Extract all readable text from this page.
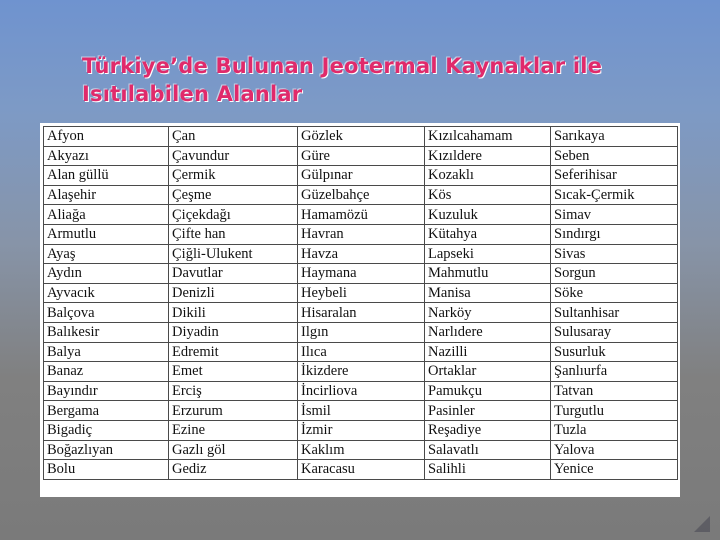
Türkiye’de Bulunan Jeotermal Kaynaklar ile
Isıtılabilen Alanlar
Afyon	Çan	Gözlek	Kızılcahamam	Sarıkaya
Akyazı	Çavundur	Güre	Kızıldere	Seben
Alan güllü	Çermik	Gülpınar	Kozaklı	Seferihisar
Alaşehir	Çeşme	Güzelbahçe	Kös	Sıcak-Çermik
Aliağa	Çiçekdağı	Hamamözü	Kuzuluk	Simav
Armutlu	Çifte han	Havran	Kütahya	Sındırgı
Ayaş	Çiğli-Ulukent	Havza	Lapseki	Sivas
Aydın	Davutlar	Haymana	Mahmutlu	Sorgun
Ayvacık	Denizli	Heybeli	Manisa	Söke
Balçova	Dikili	Hisaralan	Narköy	Sultanhisar
Balıkesir	Diyadin	Ilgın	Narlıdere	Sulusaray
Balya	Edremit	Ilıca	Nazilli	Susurluk
Banaz	Emet	İkizdere	Ortaklar	Şanlıurfa
Bayındır	Erciş	İncirliova	Pamukçu	Tatvan
Bergama	Erzurum	İsmil	Pasinler	Turgutlu
Bigadiç	Ezine	İzmir	Reşadiye	Tuzla
Boğazlıyan	Gazlı göl	Kaklım	Salavatlı	Yalova
Bolu	Gediz	Karacasu	Salihli	Yenice
